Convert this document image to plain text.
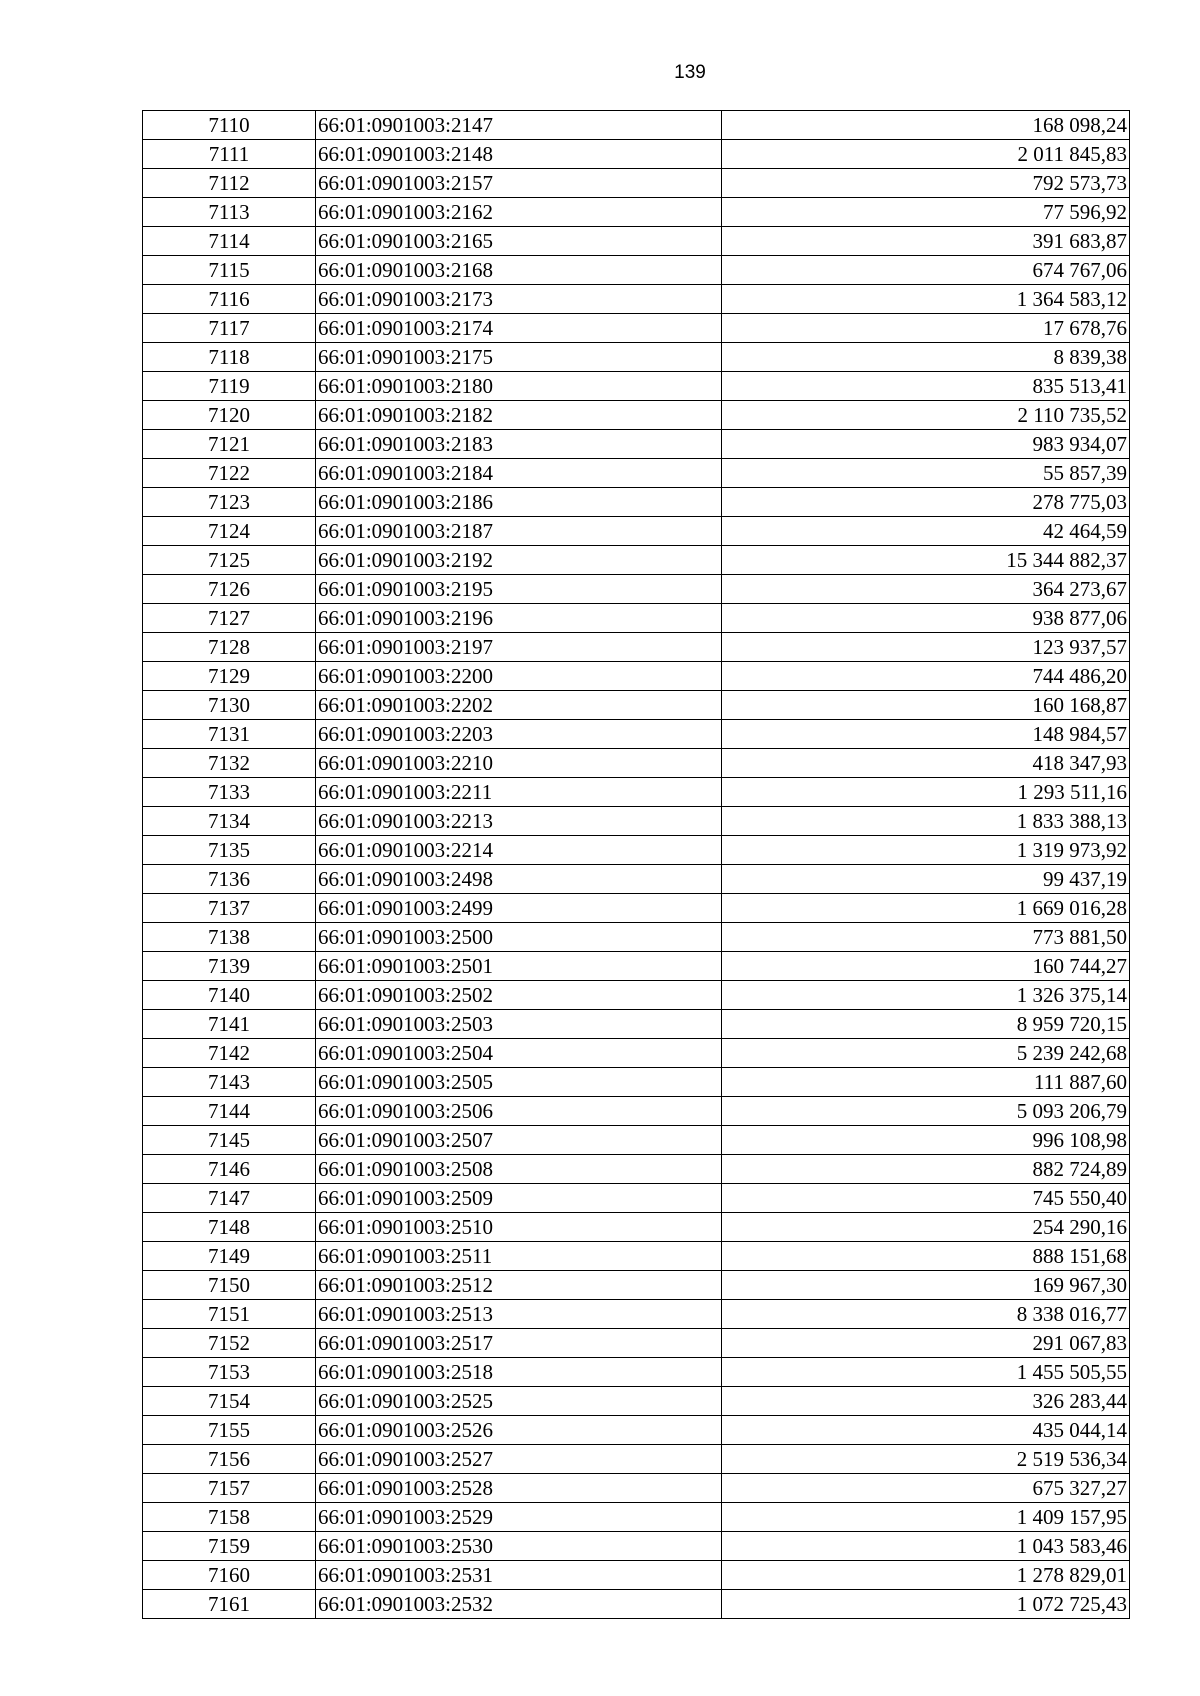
139
7110	66:01:0901003:2147	168 098,24
7111	66:01:0901003:2148	2 011 845,83
7112	66:01:0901003:2157	792 573,73
7113	66:01:0901003:2162	77 596,92
7114	66:01:0901003:2165	391 683,87
7115	66:01:0901003:2168	674 767,06
7116	66:01:0901003:2173	1 364 583,12
7117	66:01:0901003:2174	17 678,76
7118	66:01:0901003:2175	8 839,38
7119	66:01:0901003:2180	835 513,41
7120	66:01:0901003:2182	2 110 735,52
7121	66:01:0901003:2183	983 934,07
7122	66:01:0901003:2184	55 857,39
7123	66:01:0901003:2186	278 775,03
7124	66:01:0901003:2187	42 464,59
7125	66:01:0901003:2192	15 344 882,37
7126	66:01:0901003:2195	364 273,67
7127	66:01:0901003:2196	938 877,06
7128	66:01:0901003:2197	123 937,57
7129	66:01:0901003:2200	744 486,20
7130	66:01:0901003:2202	160 168,87
7131	66:01:0901003:2203	148 984,57
7132	66:01:0901003:2210	418 347,93
7133	66:01:0901003:2211	1 293 511,16
7134	66:01:0901003:2213	1 833 388,13
7135	66:01:0901003:2214	1 319 973,92
7136	66:01:0901003:2498	99 437,19
7137	66:01:0901003:2499	1 669 016,28
7138	66:01:0901003:2500	773 881,50
7139	66:01:0901003:2501	160 744,27
7140	66:01:0901003:2502	1 326 375,14
7141	66:01:0901003:2503	8 959 720,15
7142	66:01:0901003:2504	5 239 242,68
7143	66:01:0901003:2505	111 887,60
7144	66:01:0901003:2506	5 093 206,79
7145	66:01:0901003:2507	996 108,98
7146	66:01:0901003:2508	882 724,89
7147	66:01:0901003:2509	745 550,40
7148	66:01:0901003:2510	254 290,16
7149	66:01:0901003:2511	888 151,68
7150	66:01:0901003:2512	169 967,30
7151	66:01:0901003:2513	8 338 016,77
7152	66:01:0901003:2517	291 067,83
7153	66:01:0901003:2518	1 455 505,55
7154	66:01:0901003:2525	326 283,44
7155	66:01:0901003:2526	435 044,14
7156	66:01:0901003:2527	2 519 536,34
7157	66:01:0901003:2528	675 327,27
7158	66:01:0901003:2529	1 409 157,95
7159	66:01:0901003:2530	1 043 583,46
7160	66:01:0901003:2531	1 278 829,01
7161	66:01:0901003:2532	1 072 725,43
